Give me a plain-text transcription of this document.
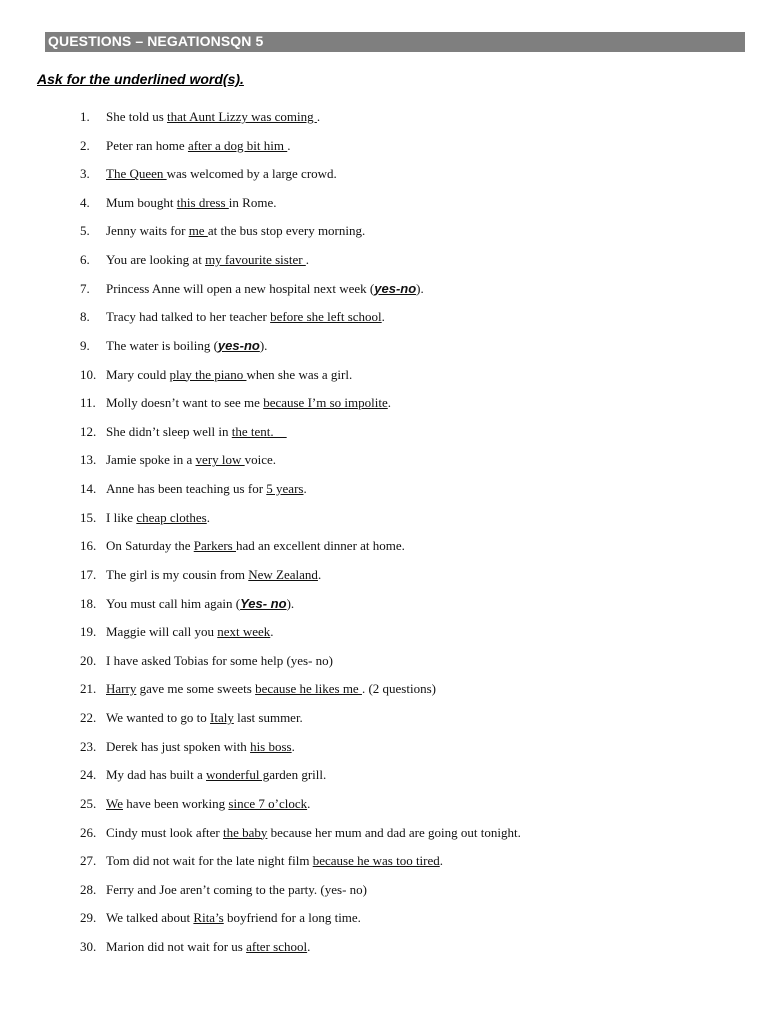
QUESTIONS – NEGATIONSQN 5
Ask for the underlined word(s).
1. She told us that Aunt Lizzy was coming .
2. Peter ran home after a dog bit him .
3. The Queen was welcomed by a large crowd.
4. Mum bought this dress in Rome.
5. Jenny waits for me at the bus stop every morning.
6. You are looking at my favourite sister .
7. Princess Anne will open a new hospital next week (yes-no).
8. Tracy had talked to her teacher before she left school.
9. The water is boiling (yes-no).
10. Mary could play the piano when she was a girl.
11. Molly doesn’t want to see me because I’m so impolite.
12. She didn’t sleep well in the tent.
13. Jamie spoke in a very low voice.
14. Anne has been teaching us for 5 years.
15. I like cheap clothes.
16. On Saturday the Parkers had an excellent dinner at home.
17. The girl is my cousin from New Zealand.
18. You must call him again (Yes- no).
19. Maggie will call you next week.
20. I have asked Tobias for some help (yes- no)
21. Harry gave me some sweets because he likes me . (2 questions)
22. We wanted to go to Italy last summer.
23. Derek has just spoken with his boss.
24. My dad has built a wonderful garden grill.
25. We have been working since 7 o’clock.
26. Cindy must look after the baby because her mum and dad are going out tonight.
27. Tom did not wait for the late night film because he was too tired.
28. Ferry and Joe aren’t coming to the party. (yes- no)
29. We talked about Rita’s boyfriend for a long time.
30. Marion did not wait for us after school.
